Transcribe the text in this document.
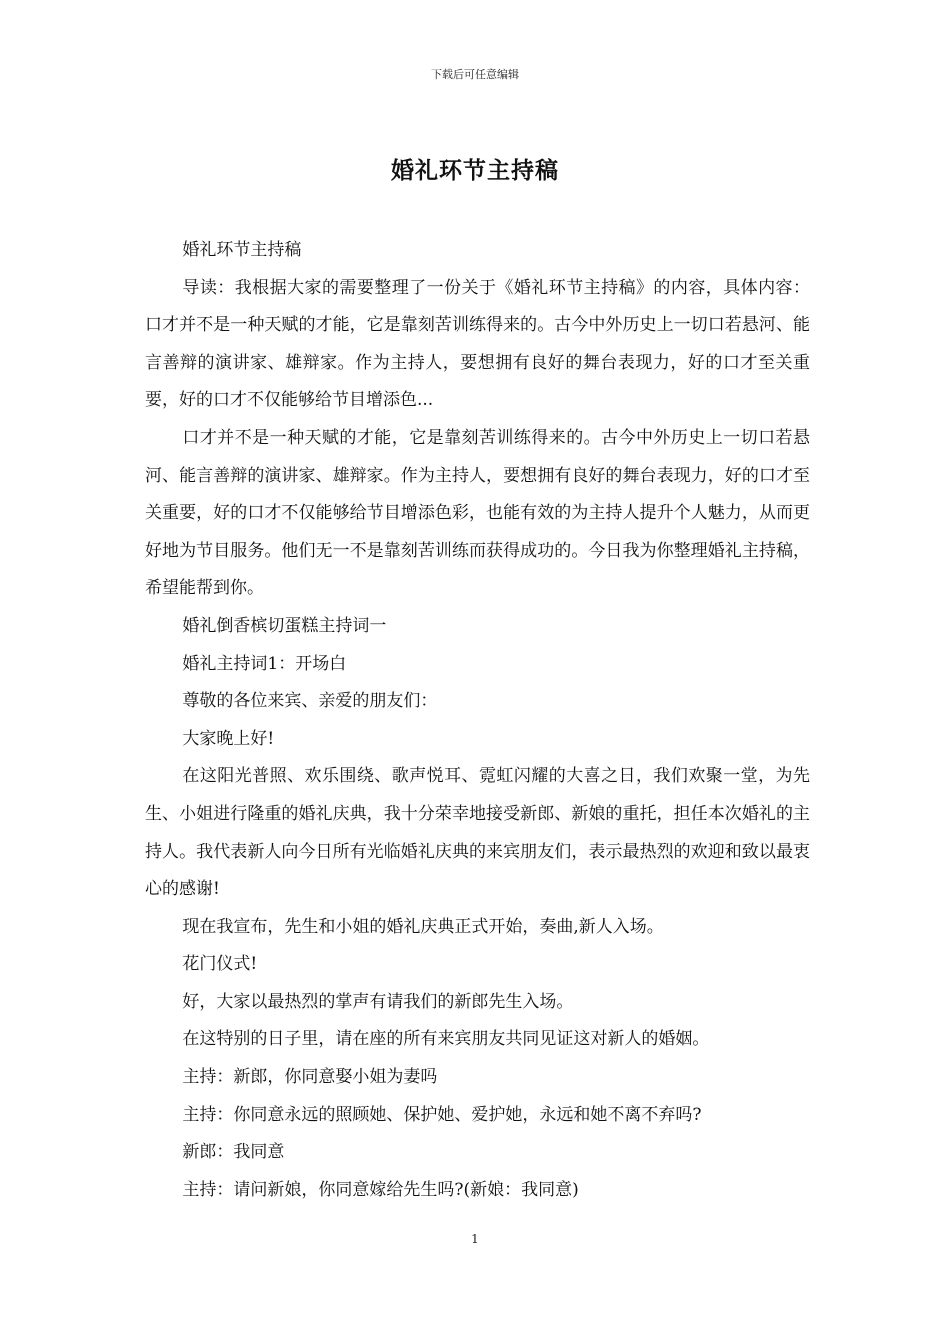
下载后可任意编辑
婚礼环节主持稿

婚礼环节主持稿

导读：我根据大家的需要整理了一份关于《婚礼环节主持稿》的内容，具体内容：口才并不是一种天赋的才能，它是靠刻苦训练得来的。古今中外历史上一切口若悬河、能言善辩的演讲家、雄辩家。作为主持人，要想拥有良好的舞台表现力，好的口才至关重要，好的口才不仅能够给节目增添色...

口才并不是一种天赋的才能，它是靠刻苦训练得来的。古今中外历史上一切口若悬河、能言善辩的演讲家、雄辩家。作为主持人，要想拥有良好的舞台表现力，好的口才至关重要，好的口才不仅能够给节目增添色彩，也能有效的为主持人提升个人魅力，从而更好地为节目服务。他们无一不是靠刻苦训练而获得成功的。今日我为你整理婚礼主持稿，希望能帮到你。

婚礼倒香槟切蛋糕主持词一

婚礼主持词1：开场白

尊敬的各位来宾、亲爱的朋友们：

大家晚上好!

在这阳光普照、欢乐围绕、歌声悦耳、霓虹闪耀的大喜之日，我们欢聚一堂，为先生、小姐进行隆重的婚礼庆典，我十分荣幸地接受新郎、新娘的重托，担任本次婚礼的主持人。我代表新人向今日所有光临婚礼庆典的来宾朋友们，表示最热烈的欢迎和致以最衷心的感谢!

现在我宣布，先生和小姐的婚礼庆典正式开始，奏曲,新人入场。

花门仪式!

好，大家以最热烈的掌声有请我们的新郎先生入场。

在这特别的日子里，请在座的所有来宾朋友共同见证这对新人的婚姻。

主持：新郎，你同意娶小姐为妻吗

主持：你同意永远的照顾她、保护她、爱护她，永远和她不离不弃吗?

新郎：我同意

主持：请问新娘，你同意嫁给先生吗?(新娘：我同意)

1
